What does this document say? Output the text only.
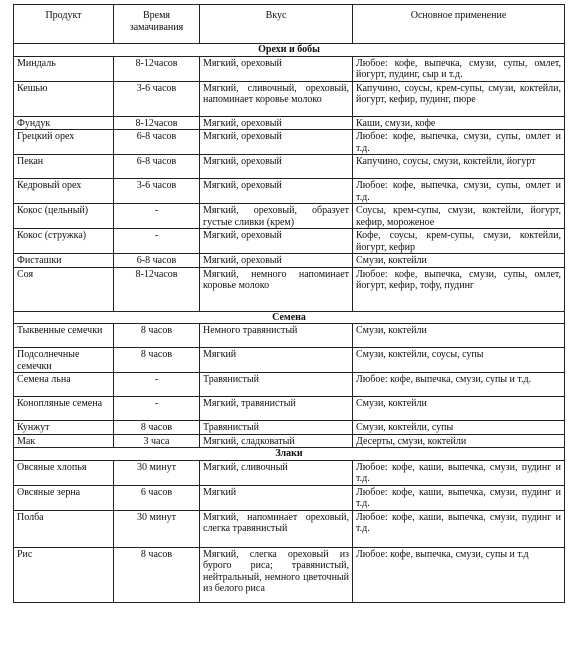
Продукт	Время замачивания	Вкус	Основное применение
Орехи и бобы			
Миндаль	8-12часов	Мягкий, ореховый	Любое: кофе, выпечка, смузи, супы, омлет, йогурт, пудинг, сыр и т.д.
Кешью	3-6 часов	Мягкий, сливочный, ореховый, напоминает коровье молоко	Капучино, соусы, крем-супы, смузи, коктейли, йогурт, кефир, пудинг, пюре
Фундук	8-12часов	Мягкий, ореховый	Каши, смузи, кофе
Грецкий орех	6-8 часов	Мягкий, ореховый	Любое: кофе, выпечка, смузи, супы, омлет и т.д.
Пекан	6-8 часов	Мягкий, ореховый	Капучино, соусы, смузи, коктейли, йогурт
Кедровый орех	3-6 часов	Мягкий, ореховый	Любое: кофе, выпечка, смузи, супы, омлет и т.д.
Кокос (цельный)	-	Мягкий, ореховый, образует густые сливки (крем)	Соусы, крем-супы, смузи, коктейли, йогурт, кефир, мороженое
Кокос (стружка)	-	Мягкий, ореховый	Кофе, соусы, крем-супы, смузи, коктейли, йогурт, кефир
Фисташки	6-8 часов	Мягкий, ореховый	Смузи, коктейли
Соя	8-12часов	Мягкий, немного напоминает коровье молоко	Любое: кофе, выпечка, смузи, супы, омлет, йогурт, кефир, тофу, пудинг
Семена			
Тыквенные семечки	8 часов	Немного травянистый	Смузи, коктейли
Подсолнечные семечки	8 часов	Мягкий	Смузи, коктейли, соусы, супы
Семена льна	-	Травянистый	Любое: кофе, выпечка, смузи, супы и т.д.
Конопляные семена	-	Мягкий, травянистый	Смузи, коктейли
Кунжут	8 часов	Травянистый	Смузи, коктейли, супы
Мак	3 часа	Мягкий, сладковатый	Десерты, смузи, коктейли
Злаки			
Овсяные хлопья	30 минут	Мягкий, сливочный	Любое: кофе, каши, выпечка, смузи, пудинг и т.д.
Овсяные зерна	6 часов	Мягкий	Любое: кофе, каши, выпечка, смузи, пудинг и т.д.
Полба	30 минут	Мягкий, напоминает ореховый, слегка травянистый	Любое: кофе, каши, выпечка, смузи, пудинг и т.д.
Рис	8 часов	Мягкий, слегка ореховый из бурого риса; травянистый, нейтральный, немного цветочный из белого риса	Любое: кофе, выпечка, смузи, супы и т.д
